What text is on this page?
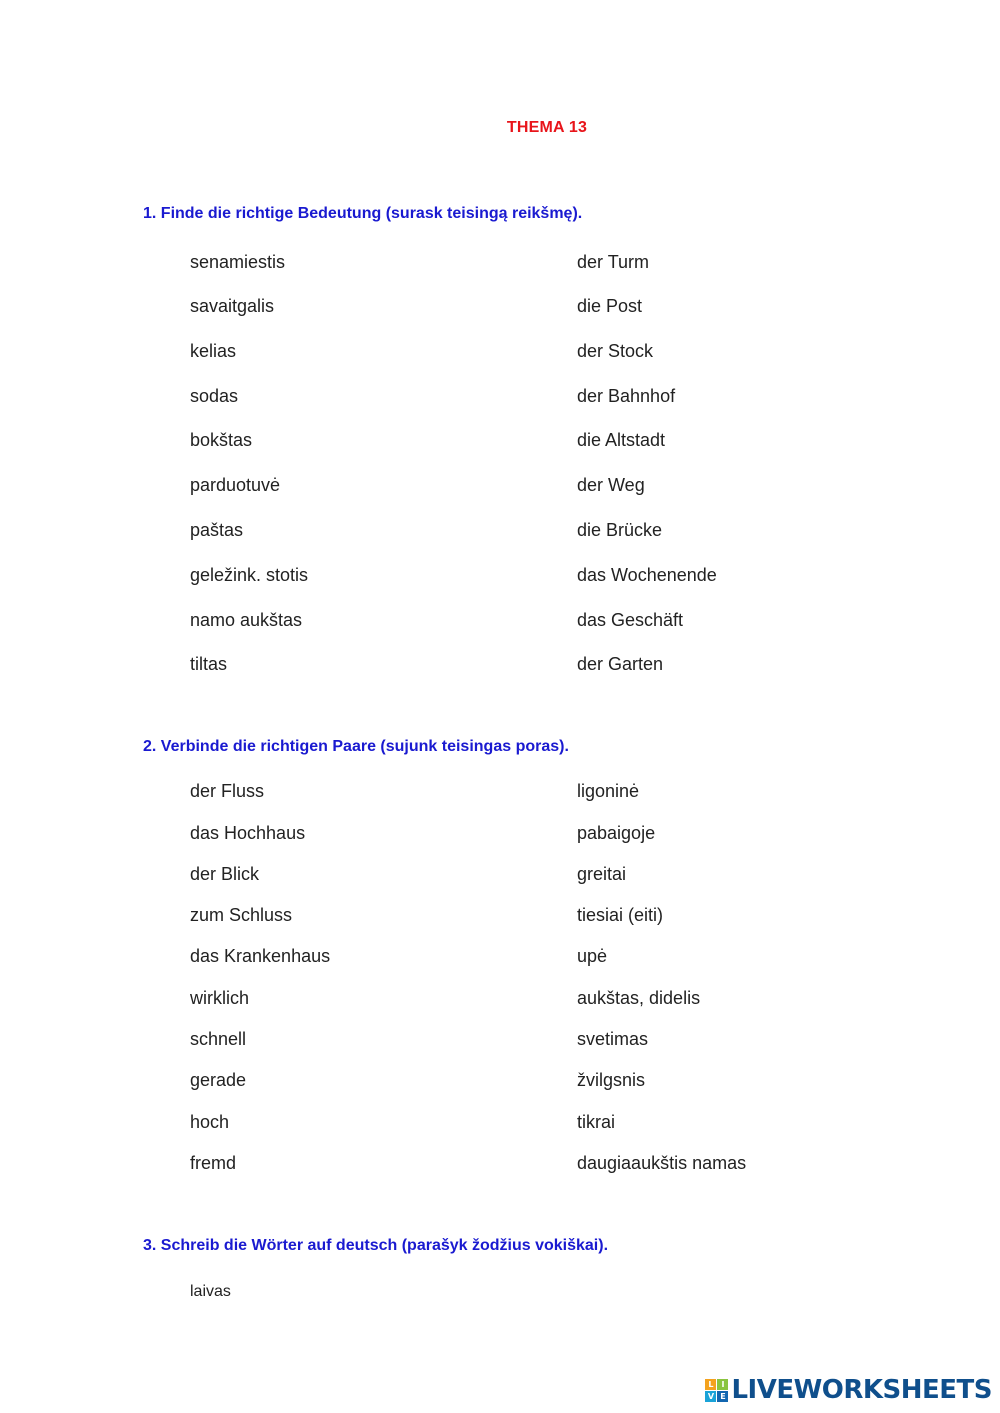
THEMA 13
1. Finde die richtige Bedeutung (surask teisingą reikšmę).
senamiestis
savaitgalis
kelias
sodas
bokštas
parduotuvė
paštas
geležink. stotis
namo aukštas
tiltas
der Turm
die Post
der Stock
der Bahnhof
die Altstadt
der Weg
die Brücke
das Wochenende
das Geschäft
der Garten
2. Verbinde die richtigen Paare (sujunk teisingas poras).
der Fluss
das Hochhaus
der Blick
zum Schluss
das Krankenhaus
wirklich
schnell
gerade
hoch
fremd
ligoninė
pabaigoje
greitai
tiesiai (eiti)
upė
aukštas, didelis
svetimas
žvilgsnis
tikrai
daugiaaukštis namas
3. Schreib die Wörter auf deutsch (parašyk žodžius vokiškai).
laivas
L I
V E LIVEWORKSHEETS
